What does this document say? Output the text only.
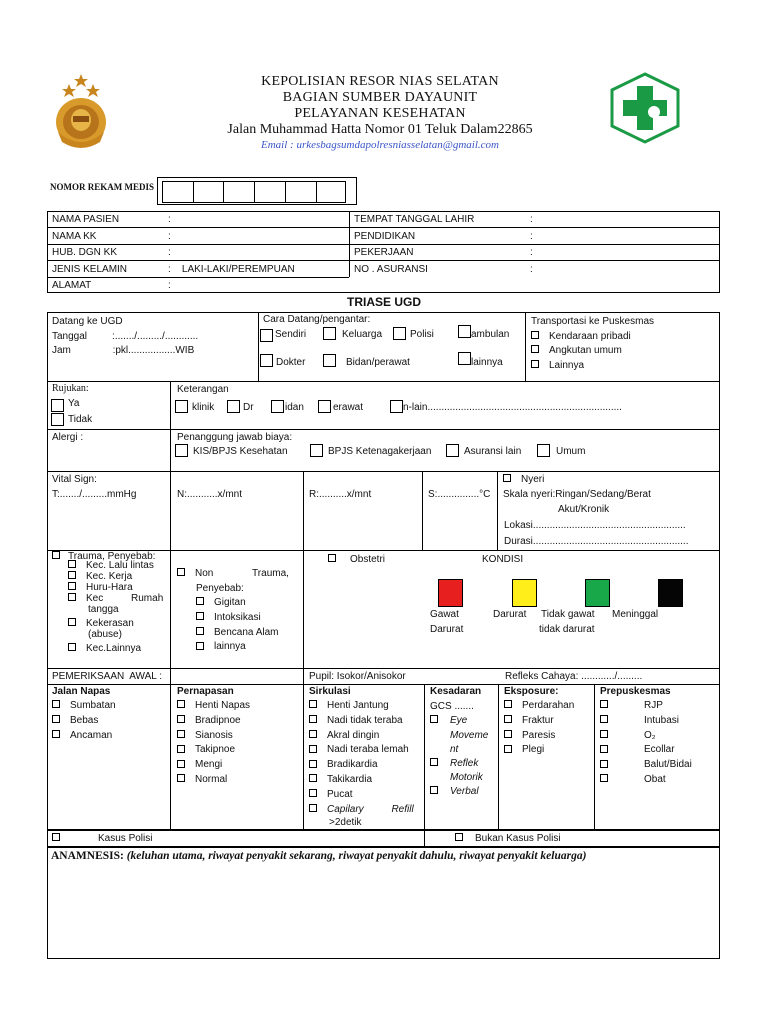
KEPOLISIAN RESOR NIAS SELATAN
BAGIAN SUMBER DAYAUNIT
PELAYANAN KESEHATAN
Jalan Muhammad Hatta Nomor 01 Teluk Dalam22865
Email : urkesbagsumdapolresniasselatan@gmail.com
NOMOR REKAM MEDIS
NAMA PASIEN	:
NAMA KK	:
HUB. DGN KK	:
JENIS KELAMIN	:    LAKI-LAKI/PEREMPUAN
ALAMAT	:
TEMPAT TANGGAL LAHIR	:
PENDIDIKAN	:
PEKERJAAN	:
NO . ASURANSI	:
TRIASE UGD
Datang ke UGD
Tanggal         :......./........./............
Jam               :pkl.................WIB
Cara Datang/pengantar:
Sendiri	Keluarga	Polisi	ambulan
Dokter	Bidan/perawat	lainnya
Transportasi ke Puskesmas
Kendaraan pribadi
Angkutan umum
Lainnya
Rujukan:
Ya
Tidak
Keterangan
klinik	Dr	idan	erawat	n-lain......................................................................
Alergi :	Penanggung jawab biaya:
KIS/BPJS Kesehatan	BPJS Ketenagakerjaan	Asuransi lain	Umum
Vital Sign:
T:......./.........mmHg	N:...........x/mnt	R:..........x/mnt	S:...............°C
Nyeri
Skala nyeri:Ringan/Sedang/Berat
Akut/Kronik
Lokasi.......................................................
Durasi........................................................
Trauma, Penyebab:
Kec. Lalu lintas
Kec. Kerja
Huru-Hara
Kec          Rumah
tangga
Kekerasan
(abuse)
Kec.Lainnya
Non              Trauma,
Penyebab:
Gigitan
Intoksikasi
Bencana Alam
lainnya
Obstetri	KONDISI
Gawat
Darurat
Darurat Tidak gawat
tidak darurat
Meninggal
PEMERIKSAAN  AWAL :	Pupil: Isokor/Anisokor	Refleks Cahaya: ............/.........
Jalan Napas
Sumbatan
Bebas
Ancaman
Pernapasan
Henti Napas
Bradipnoe
Sianosis
Takipnoe
Mengi
Normal
Sirkulasi
Henti Jantung
Nadi tidak teraba
Akral dingin
Nadi teraba lemah
Bradikardia
Takikardia
Pucat
Capilary          Refill
>2detik
Kesadaran
GCS .......
Eye
Moveme
nt
Reflek
Motorik
Verbal
Eksposure:
Perdarahan
Fraktur
Paresis
Plegi
Prepuskesmas
RJP
Intubasi
O₂
Ecollar
Balut/Bidai
Obat
Kasus Polisi	Bukan Kasus Polisi
ANAMNESIS: (keluhan utama, riwayat penyakit sekarang, riwayat penyakit dahulu, riwayat penyakit keluarga)
